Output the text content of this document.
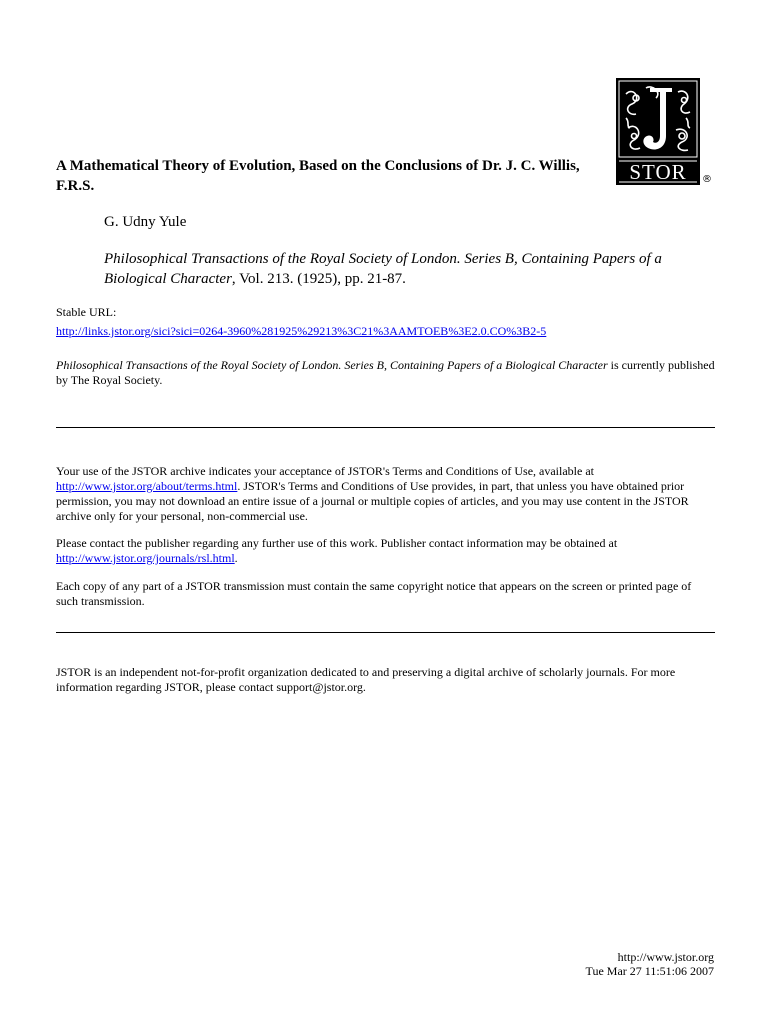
STOR ®
A Mathematical Theory of Evolution, Based on the Conclusions of Dr. J. C. Willis,
F.R.S.
G. Udny Yule
Philosophical Transactions of the Royal Society of London. Series B, Containing Papers of a Biological Character, Vol. 213. (1925), pp. 21-87.
Stable URL:
http://links.jstor.org/sici?sici=0264-3960%281925%29213%3C21%3AAMTOEB%3E2.0.CO%3B2-5
Philosophical Transactions of the Royal Society of London. Series B, Containing Papers of a Biological Character is currently published by The Royal Society.
Your use of the JSTOR archive indicates your acceptance of JSTOR's Terms and Conditions of Use, available at http://www.jstor.org/about/terms.html. JSTOR's Terms and Conditions of Use provides, in part, that unless you have obtained prior permission, you may not download an entire issue of a journal or multiple copies of articles, and you may use content in the JSTOR archive only for your personal, non-commercial use.
Please contact the publisher regarding any further use of this work. Publisher contact information may be obtained at http://www.jstor.org/journals/rsl.html.
Each copy of any part of a JSTOR transmission must contain the same copyright notice that appears on the screen or printed page of such transmission.
JSTOR is an independent not-for-profit organization dedicated to and preserving a digital archive of scholarly journals. For more information regarding JSTOR, please contact support@jstor.org.
http://www.jstor.org
Tue Mar 27 11:51:06 2007
